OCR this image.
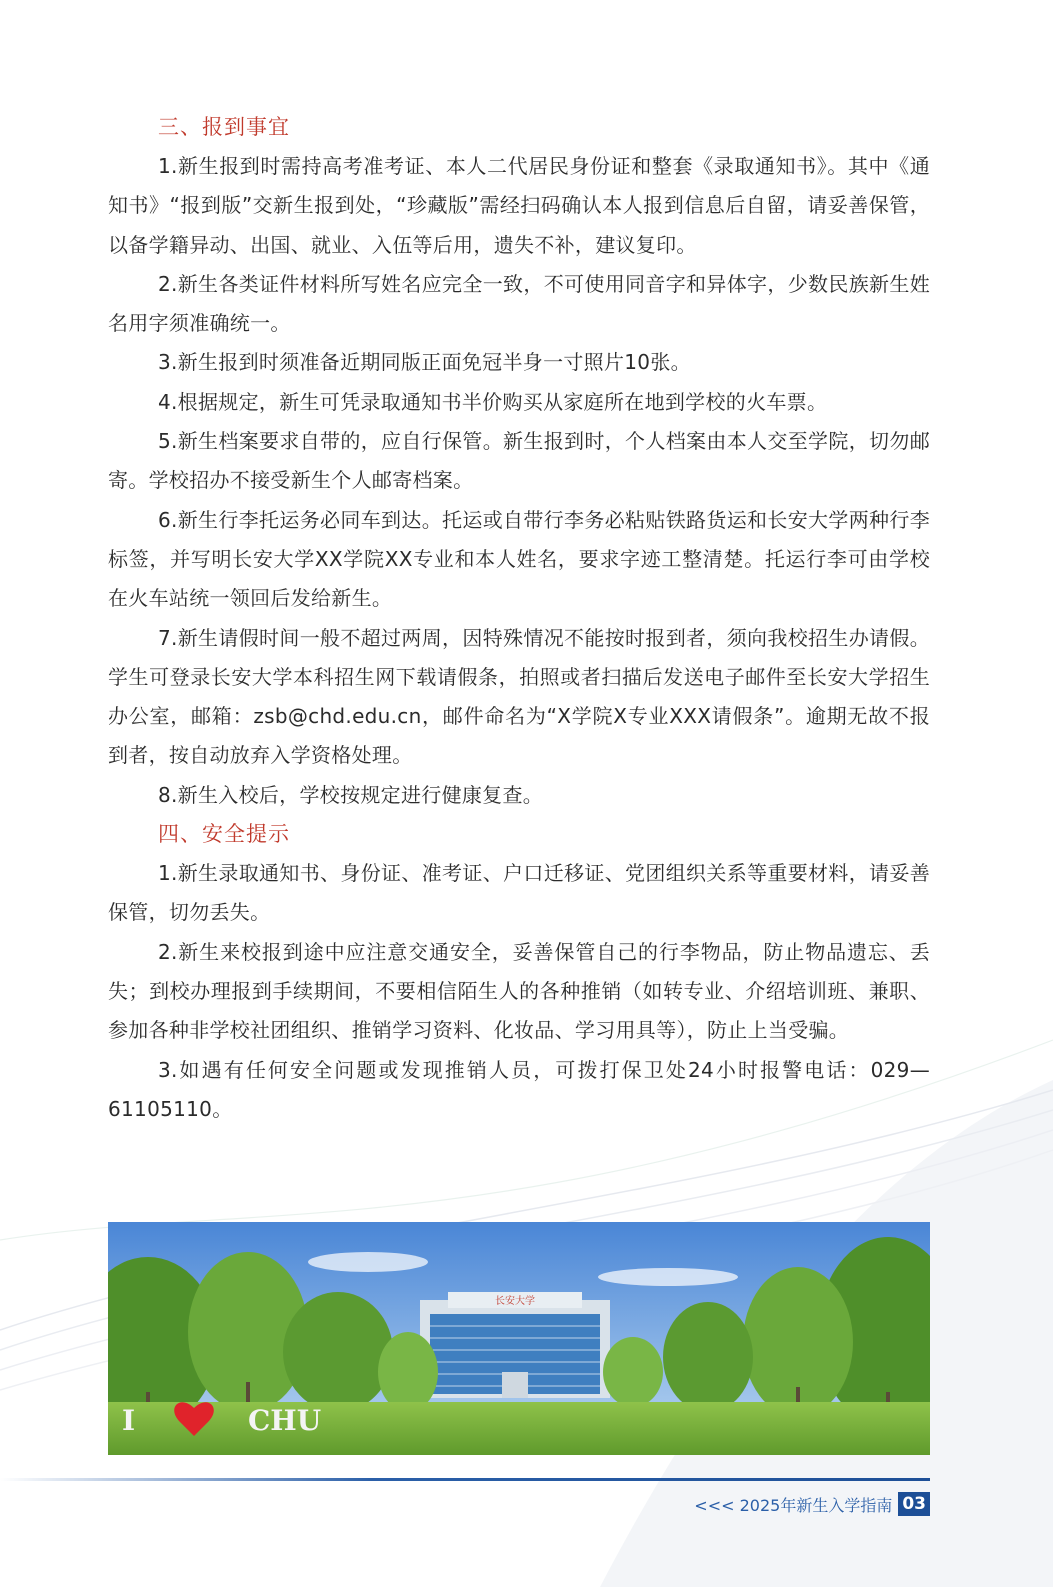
三、报到事宜

1.新生报到时需持高考准考证、本人二代居民身份证和整套《录取通知书》。其中《通知书》“报到版”交新生报到处，“珍藏版”需经扫码确认本人报到信息后自留，请妥善保管，以备学籍异动、出国、就业、入伍等后用，遗失不补，建议复印。

2.新生各类证件材料所写姓名应完全一致，不可使用同音字和异体字，少数民族新生姓名用字须准确统一。

3.新生报到时须准备近期同版正面免冠半身一寸照片10张。

4.根据规定，新生可凭录取通知书半价购买从家庭所在地到学校的火车票。

5.新生档案要求自带的，应自行保管。新生报到时，个人档案由本人交至学院，切勿邮寄。学校招办不接受新生个人邮寄档案。

6.新生行李托运务必同车到达。托运或自带行李务必粘贴铁路货运和长安大学两种行李标签，并写明长安大学XX学院XX专业和本人姓名，要求字迹工整清楚。托运行李可由学校在火车站统一领回后发给新生。

7.新生请假时间一般不超过两周，因特殊情况不能按时报到者，须向我校招生办请假。学生可登录长安大学本科招生网下载请假条，拍照或者扫描后发送电子邮件至长安大学招生办公室，邮箱：zsb@chd.edu.cn，邮件命名为“X学院X专业XXX请假条”。逾期无故不报到者，按自动放弃入学资格处理。

8.新生入校后，学校按规定进行健康复查。

四、安全提示

1.新生录取通知书、身份证、准考证、户口迁移证、党团组织关系等重要材料，请妥善保管，切勿丢失。

2.新生来校报到途中应注意交通安全，妥善保管自己的行李物品，防止物品遗忘、丢失；到校办理报到手续期间，不要相信陌生人的各种推销（如转专业、介绍培训班、兼职、参加各种非学校社团组织、推销学习资料、化妆品、学习用具等），防止上当受骗。

3.如遇有任何安全问题或发现推销人员，可拨打保卫处24小时报警电话：029—61105110。

长安大学
I	CHU
<<< 2025年新生入学指南 03
